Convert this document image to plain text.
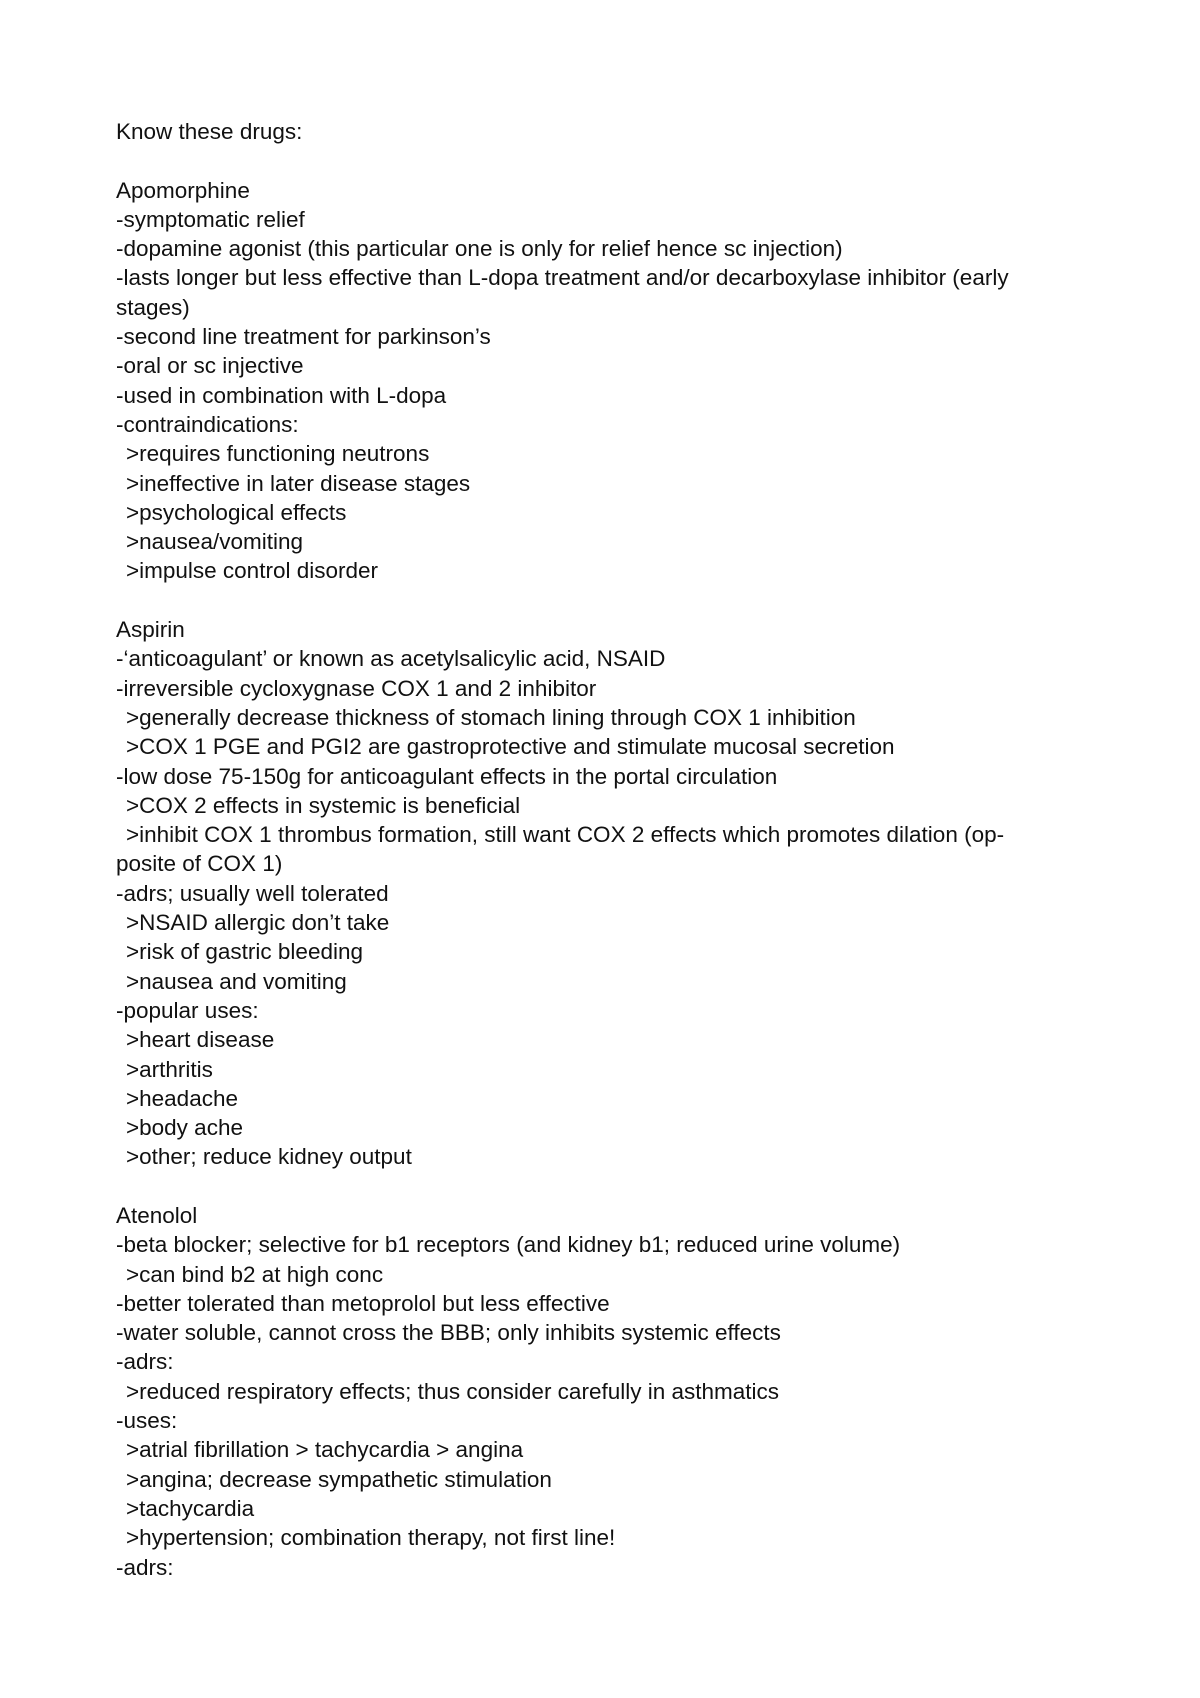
Know these drugs:
Apomorphine
-symptomatic relief
-dopamine agonist (this particular one is only for relief hence sc injection)
-lasts longer but less effective than L-dopa treatment and/or decarboxylase inhibitor (early
stages)
-second line treatment for parkinson’s
-oral or sc injective
-used in combination with L-dopa
-contraindications:
>requires functioning neutrons
>ineffective in later disease stages
>psychological effects
>nausea/vomiting
>impulse control disorder
Aspirin
-‘anticoagulant’ or known as acetylsalicylic acid, NSAID
-irreversible cycloxygnase COX 1 and 2 inhibitor
>generally decrease thickness of stomach lining through COX 1 inhibition
>COX 1 PGE and PGI2 are gastroprotective and stimulate mucosal secretion
-low dose 75-150g for anticoagulant effects in the portal circulation
>COX 2 effects in systemic is beneficial
>inhibit COX 1 thrombus formation, still want COX 2 effects which promotes dilation (op-
posite of COX 1)
-adrs; usually well tolerated
>NSAID allergic don’t take
>risk of gastric bleeding
>nausea and vomiting
-popular uses:
>heart disease
>arthritis
>headache
>body ache
>other; reduce kidney output
Atenolol
-beta blocker; selective for b1 receptors (and kidney b1; reduced urine volume)
>can bind b2 at high conc
-better tolerated than metoprolol but less effective
-water soluble, cannot cross the BBB; only inhibits systemic effects
-adrs:
>reduced respiratory effects; thus consider carefully in asthmatics
-uses:
>atrial fibrillation > tachycardia > angina
>angina; decrease sympathetic stimulation
>tachycardia
>hypertension; combination therapy, not first line!
-adrs:
